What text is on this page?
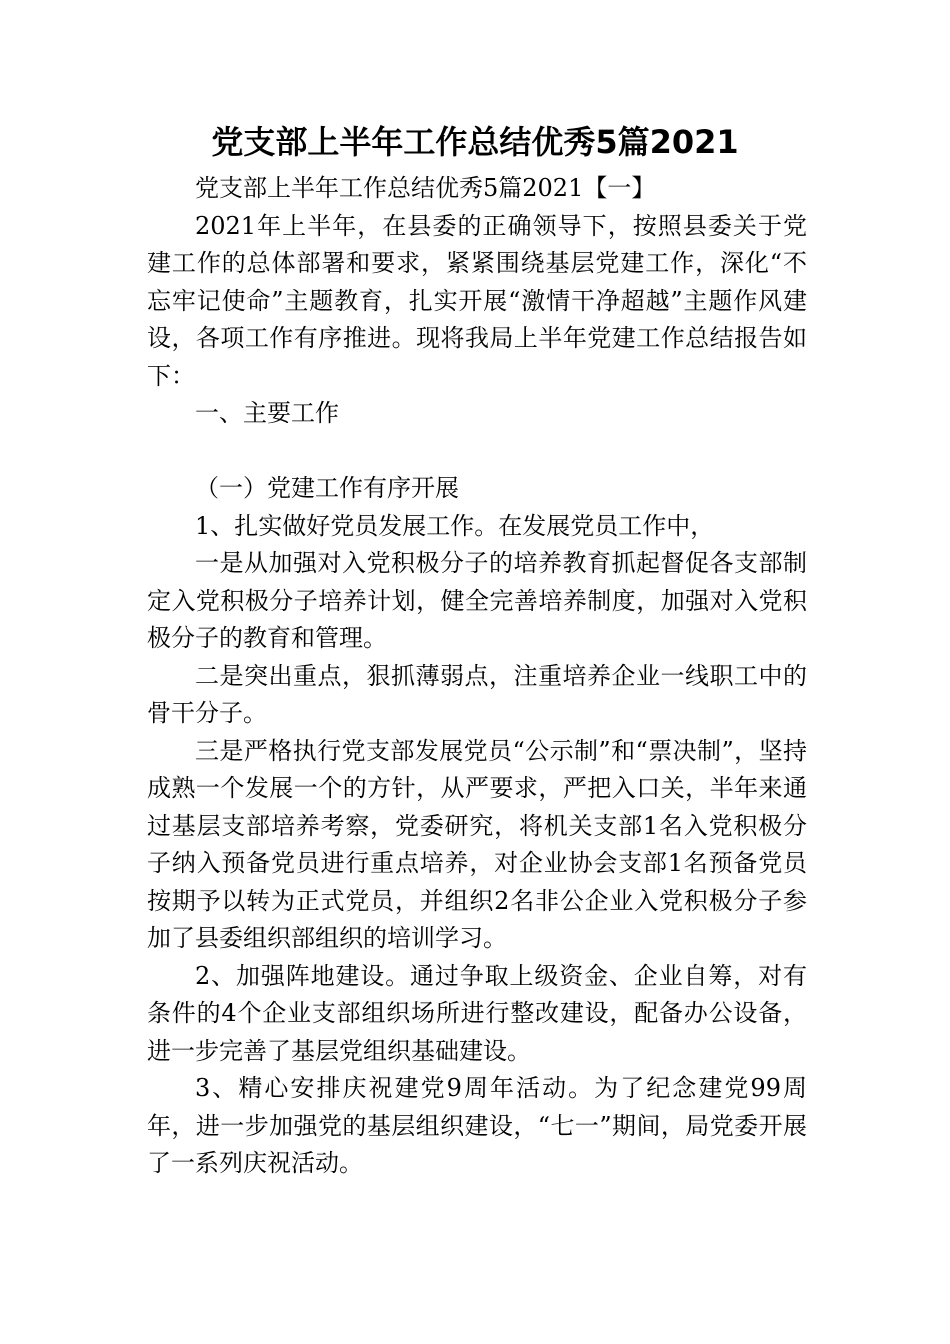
党支部上半年工作总结优秀5篇2021

党支部上半年工作总结优秀5篇2021【一】

2021年上半年，在县委的正确领导下，按照县委关于党建工作的总体部署和要求，紧紧围绕基层党建工作，深化“不忘牢记使命”主题教育，扎实开展“激情干净超越”主题作风建设，各项工作有序推进。现将我局上半年党建工作总结报告如下：

一、主要工作

（一）党建工作有序开展

1、扎实做好党员发展工作。在发展党员工作中，

一是从加强对入党积极分子的培养教育抓起督促各支部制定入党积极分子培养计划，健全完善培养制度，加强对入党积极分子的教育和管理。

二是突出重点，狠抓薄弱点，注重培养企业一线职工中的骨干分子。

三是严格执行党支部发展党员“公示制”和“票决制”，坚持成熟一个发展一个的方针，从严要求，严把入口关，半年来通过基层支部培养考察，党委研究，将机关支部1名入党积极分子纳入预备党员进行重点培养，对企业协会支部1名预备党员按期予以转为正式党员，并组织2名非公企业入党积极分子参加了县委组织部组织的培训学习。

2、加强阵地建设。通过争取上级资金、企业自筹，对有条件的4个企业支部组织场所进行整改建设，配备办公设备，进一步完善了基层党组织基础建设。

3、精心安排庆祝建党9周年活动。为了纪念建党99周年，进一步加强党的基层组织建设，“七一”期间，局党委开展了一系列庆祝活动。
